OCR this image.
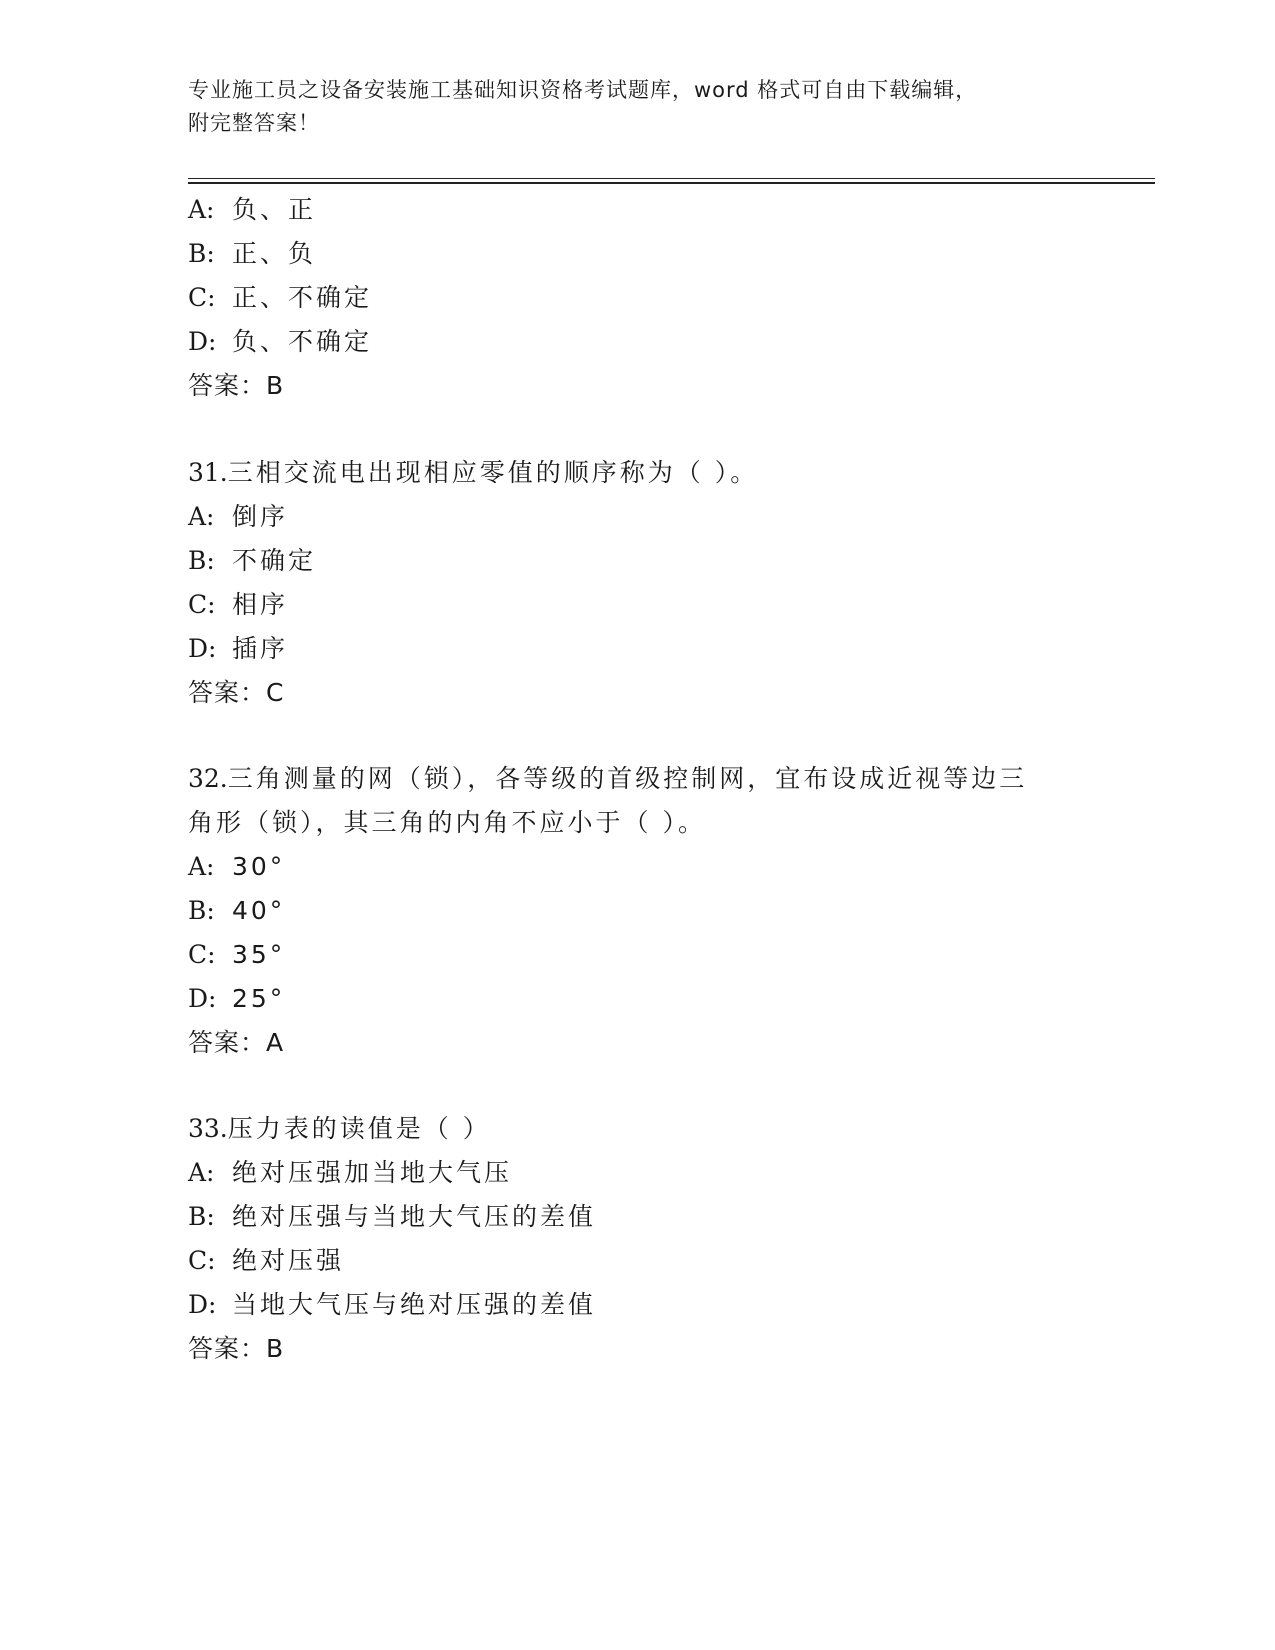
专业施工员之设备安装施工基础知识资格考试题库，word 格式可自由下载编辑，
附完整答案！
A: 负、正
B: 正、负
C: 正、不确定
D: 负、不确定
答案：B
31.三相交流电出现相应零值的顺序称为（ ）。
A: 倒序
B: 不确定
C: 相序
D: 插序
答案：C
32.三角测量的网（锁），各等级的首级控制网，宜布设成近视等边三
角形（锁），其三角的内角不应小于（ ）。
A: 30°
B: 40°
C: 35°
D: 25°
答案：A
33.压力表的读值是（ ）
A: 绝对压强加当地大气压
B: 绝对压强与当地大气压的差值
C: 绝对压强
D: 当地大气压与绝对压强的差值
答案：B
